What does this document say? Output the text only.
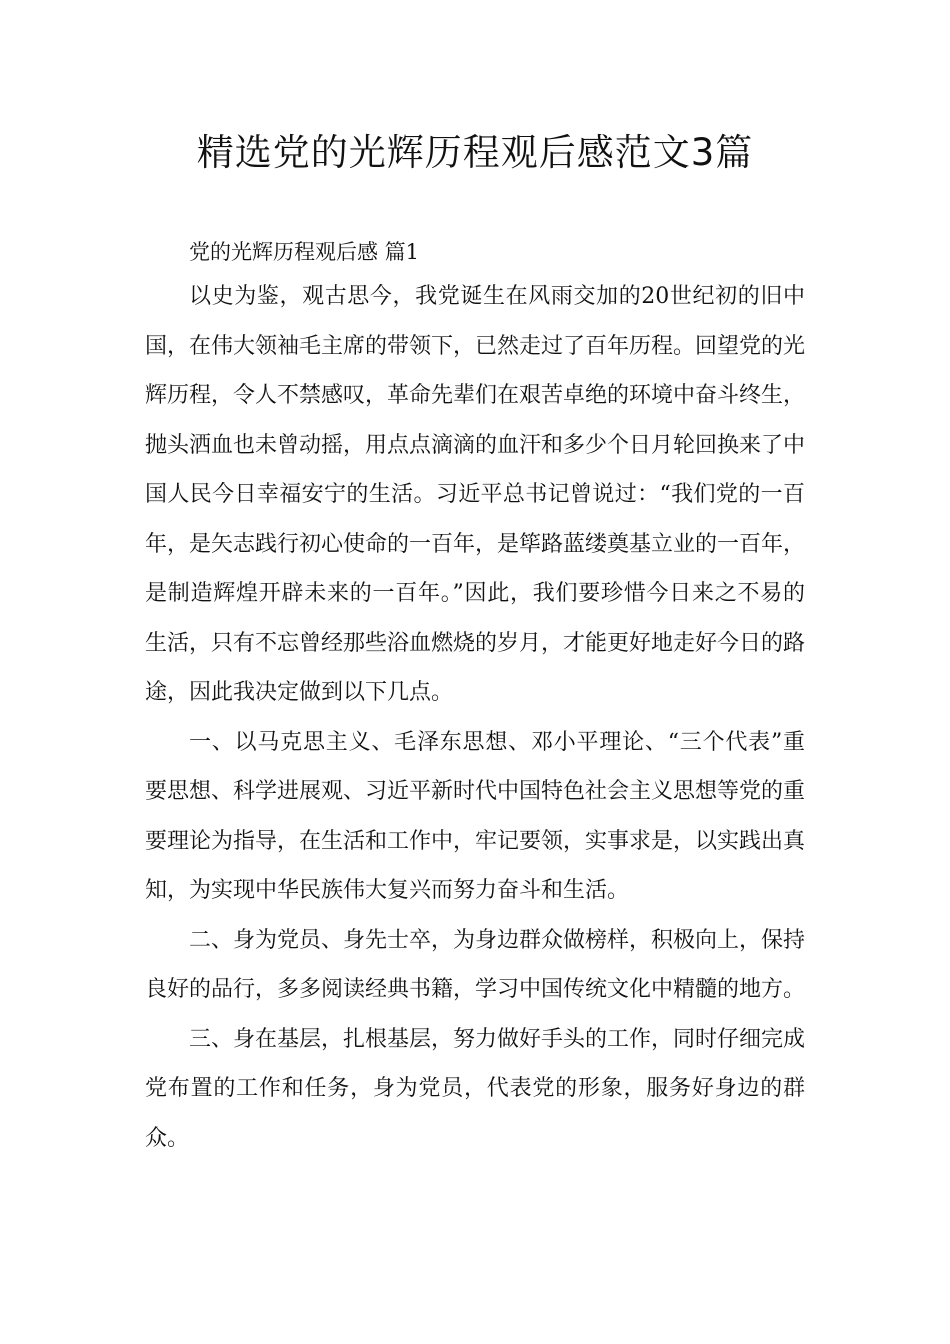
精选党的光辉历程观后感范文3篇

党的光辉历程观后感 篇1

以史为鉴，观古思今，我党诞生在风雨交加的20世纪初的旧中国，在伟大领袖毛主席的带领下，已然走过了百年历程。回望党的光辉历程，令人不禁感叹，革命先辈们在艰苦卓绝的环境中奋斗终生，抛头洒血也未曾动摇，用点点滴滴的血汗和多少个日月轮回换来了中国人民今日幸福安宁的生活。习近平总书记曾说过：“我们党的一百年，是矢志践行初心使命的一百年，是筚路蓝缕奠基立业的一百年，是制造辉煌开辟未来的一百年。”因此，我们要珍惜今日来之不易的生活，只有不忘曾经那些浴血燃烧的岁月，才能更好地走好今日的路途，因此我决定做到以下几点。

一、以马克思主义、毛泽东思想、邓小平理论、“三个代表”重要思想、科学进展观、习近平新时代中国特色社会主义思想等党的重要理论为指导，在生活和工作中，牢记要领，实事求是，以实践出真知，为实现中华民族伟大复兴而努力奋斗和生活。

二、身为党员、身先士卒，为身边群众做榜样，积极向上，保持良好的品行，多多阅读经典书籍，学习中国传统文化中精髓的地方。

三、身在基层，扎根基层，努力做好手头的工作，同时仔细完成党布置的工作和任务，身为党员，代表党的形象，服务好身边的群众。
